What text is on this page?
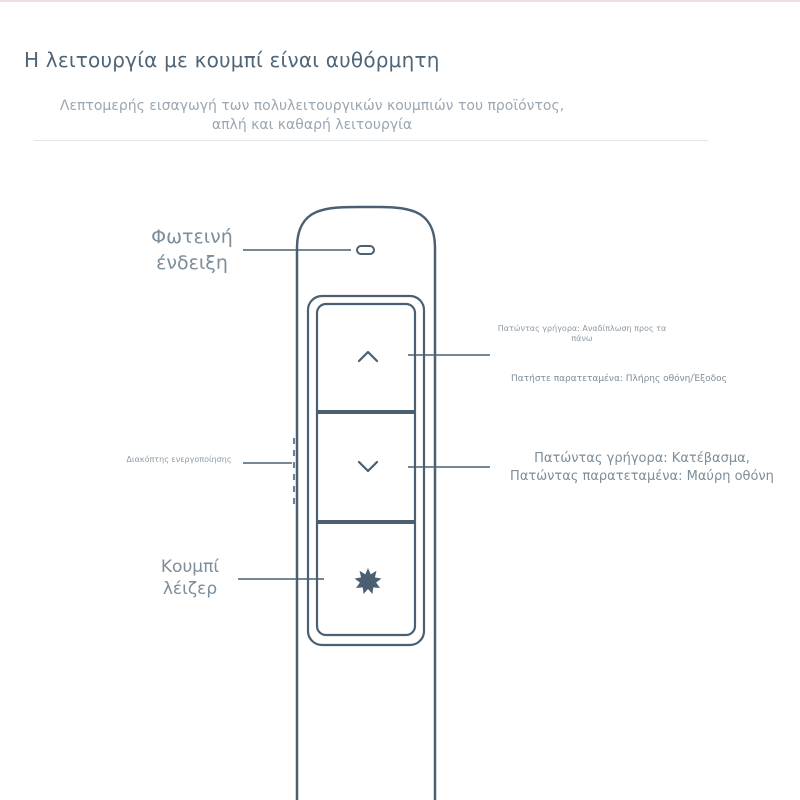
Η λειτουργία με κουμπί είναι αυθόρμητη
Λεπτομερής εισαγωγή των πολυλειτουργικών κουμπιών του προϊόντος,
απλή και καθαρή λειτουργία
Φωτεινή
ένδειξη
Διακόπτης ενεργοποίησης
Πατώντας γρήγορα: Αναδίπλωση προς τα πάνω
Πατήστε παρατεταμένα: Πλήρης οθόνη/Έξοδος
Πατώντας γρήγορα: Κατέβασμα,
Πατώντας παρατεταμένα: Μαύρη οθόνη
Κουμπί
λέιζερ
